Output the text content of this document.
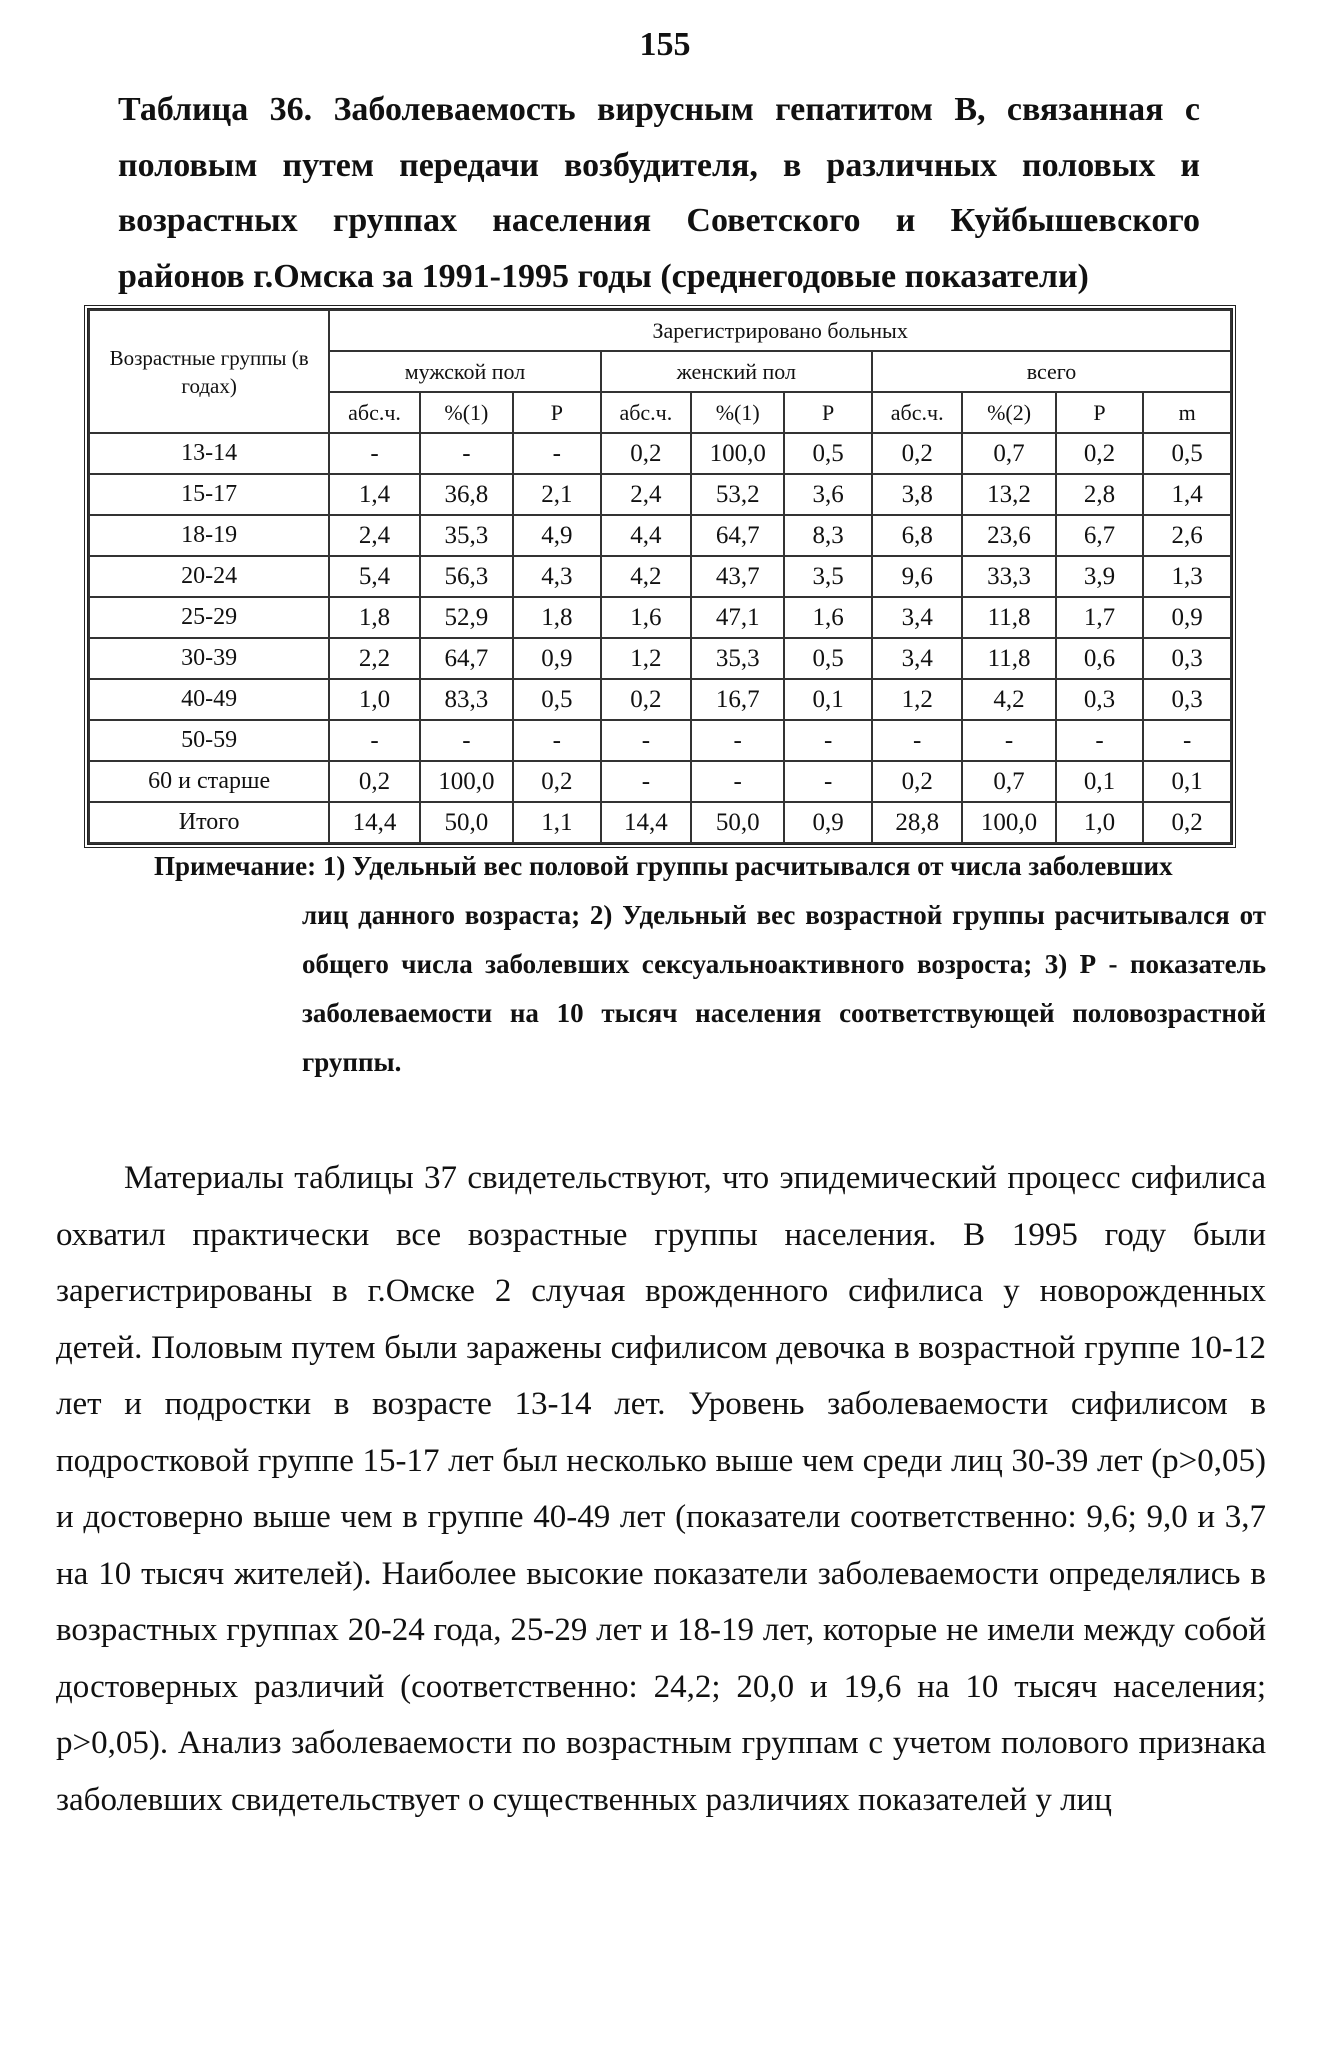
155
Таблица 36. Заболеваемость вирусным гепатитом В, связанная с половым путем передачи возбудителя, в различных половых и возрастных группах населения Советского и Куйбышевского районов г.Омска за 1991-1995 годы (среднегодовые показатели)
Возрастные группы (в годах)	Зарегистрировано больных									
	мужской пол			женский пол			всего			
	абс.ч.	%(1)	Р	абс.ч.	%(1)	Р	абс.ч.	%(2)	Р	m
13-14	-	-	-	0,2	100,0	0,5	0,2	0,7	0,2	0,5
15-17	1,4	36,8	2,1	2,4	53,2	3,6	3,8	13,2	2,8	1,4
18-19	2,4	35,3	4,9	4,4	64,7	8,3	6,8	23,6	6,7	2,6
20-24	5,4	56,3	4,3	4,2	43,7	3,5	9,6	33,3	3,9	1,3
25-29	1,8	52,9	1,8	1,6	47,1	1,6	3,4	11,8	1,7	0,9
30-39	2,2	64,7	0,9	1,2	35,3	0,5	3,4	11,8	0,6	0,3
40-49	1,0	83,3	0,5	0,2	16,7	0,1	1,2	4,2	0,3	0,3
50-59	-	-	-	-	-	-	-	-	-	-
60 и старше	0,2	100,0	0,2	-	-	-	0,2	0,7	0,1	0,1
Итого	14,4	50,0	1,1	14,4	50,0	0,9	28,8	100,0	1,0	0,2
Примечание: 1) Удельный вес половой группы расчитывался от числа заболевших
лиц данного возраста; 2) Удельный вес возрастной группы расчитывался от общего числа заболевших сексуальноактивного возроста; 3) Р - показатель заболеваемости на 10 тысяч населения соответствующей половозрастной группы.
Материалы таблицы 37 свидетельствуют, что эпидемический процесс сифилиса охватил практически все возрастные группы населения. В 1995 году были зарегистрированы в г.Омске 2 случая врожденного сифилиса у новорожденных детей. Половым путем были заражены сифилисом девочка в возрастной группе 10-12 лет и подростки в возрасте 13-14 лет. Уровень заболеваемости сифилисом в подростковой группе 15-17 лет был несколько выше чем среди лиц 30-39 лет (р>0,05) и достоверно выше чем в группе 40-49 лет (показатели соответственно: 9,6; 9,0 и 3,7 на 10 тысяч жителей). Наиболее высокие показатели заболеваемости определялись в возрастных группах 20-24 года, 25-29 лет и 18-19 лет, которые не имели между собой достоверных различий (соответственно: 24,2; 20,0 и 19,6 на 10 тысяч населения; р>0,05). Анализ заболеваемости по возрастным группам с учетом полового признака заболевших свидетельствует о существенных различиях показателей у лиц
